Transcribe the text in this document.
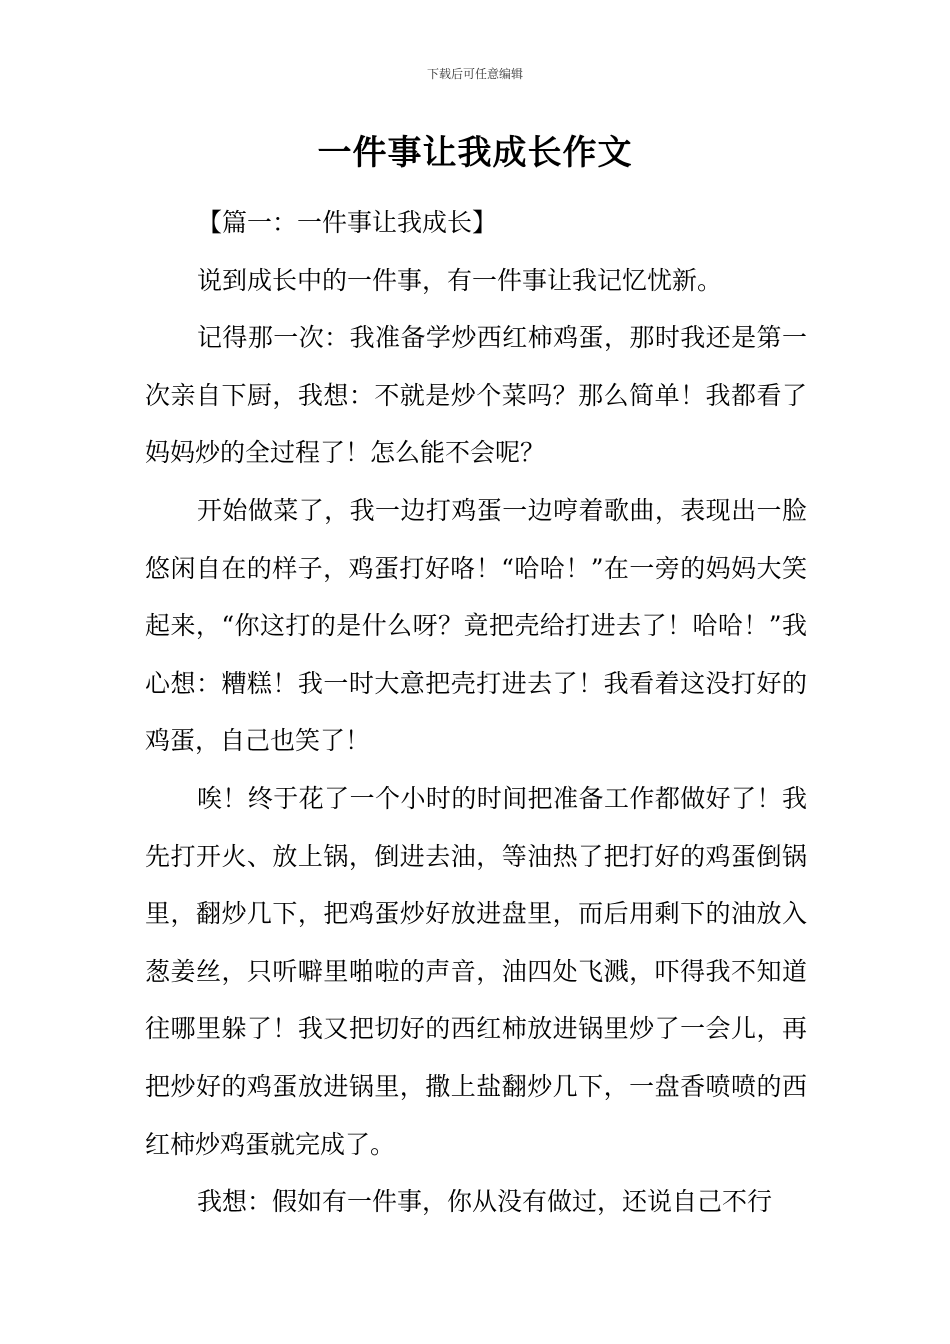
下载后可任意编辑
一件事让我成长作文

【篇一：一件事让我成长】

说到成长中的一件事，有一件事让我记忆忧新。

记得那一次：我准备学炒西红柿鸡蛋，那时我还是第一次亲自下厨，我想：不就是炒个菜吗？那么简单！我都看了妈妈炒的全过程了！怎么能不会呢？

开始做菜了，我一边打鸡蛋一边哼着歌曲，表现出一脸悠闲自在的样子，鸡蛋打好咯！“哈哈！”在一旁的妈妈大笑起来，“你这打的是什么呀？竟把壳给打进去了！哈哈！”我心想：糟糕！我一时大意把壳打进去了！我看着这没打好的鸡蛋，自己也笑了！

唉！终于花了一个小时的时间把准备工作都做好了！我先打开火、放上锅，倒进去油，等油热了把打好的鸡蛋倒锅里，翻炒几下，把鸡蛋炒好放进盘里，而后用剩下的油放入葱姜丝，只听噼里啪啦的声音，油四处飞溅，吓得我不知道往哪里躲了！我又把切好的西红柿放进锅里炒了一会儿，再把炒好的鸡蛋放进锅里，撒上盐翻炒几下，一盘香喷喷的西红柿炒鸡蛋就完成了。

我想：假如有一件事，你从没有做过，还说自己不行
